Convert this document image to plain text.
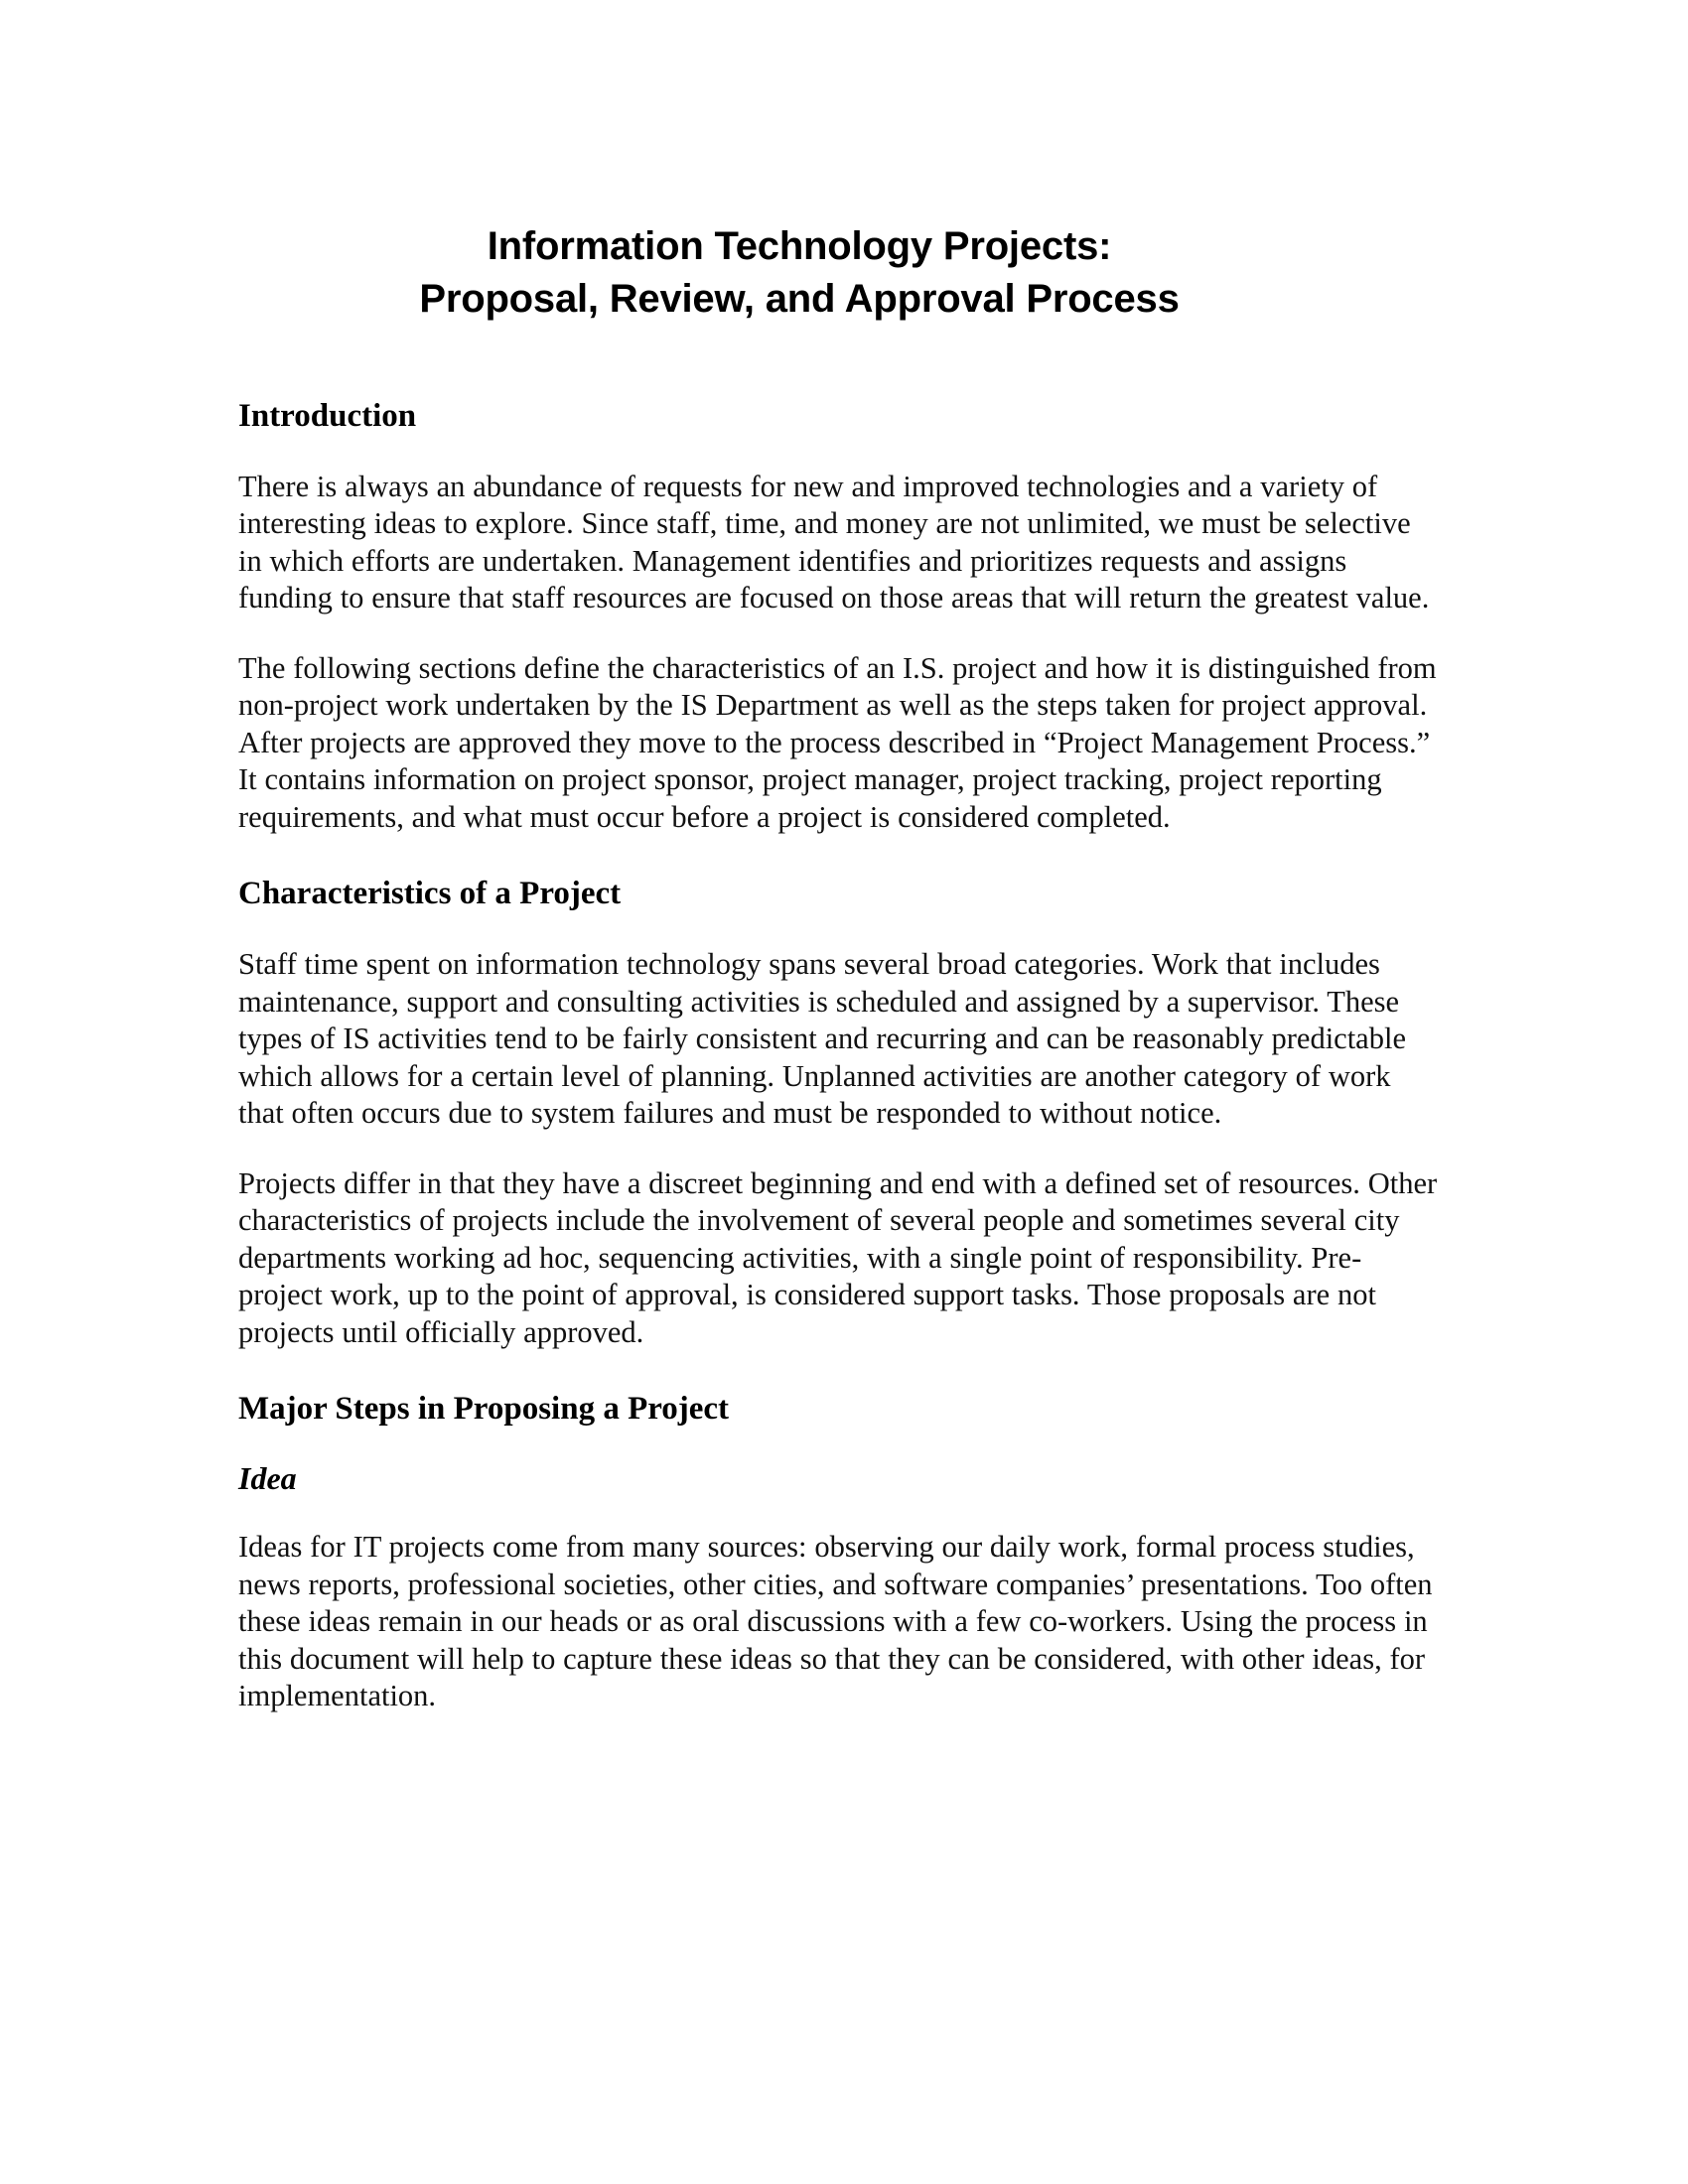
Information Technology Projects:
Proposal, Review, and Approval Process
Introduction

There is always an abundance of requests for new and improved technologies and a variety of interesting ideas to explore. Since staff, time, and money are not unlimited, we must be selective in which efforts are undertaken. Management identifies and prioritizes requests and assigns funding to ensure that staff resources are focused on those areas that will return the greatest value.

The following sections define the characteristics of an I.S. project and how it is distinguished from non-project work undertaken by the IS Department as well as the steps taken for project approval. After projects are approved they move to the process described in “Project Management Process.” It contains information on project sponsor, project manager, project tracking, project reporting requirements, and what must occur before a project is considered completed.

Characteristics of a Project

Staff time spent on information technology spans several broad categories. Work that includes maintenance, support and consulting activities is scheduled and assigned by a supervisor. These types of IS activities tend to be fairly consistent and recurring and can be reasonably predictable which allows for a certain level of planning. Unplanned activities are another category of work that often occurs due to system failures and must be responded to without notice.

Projects differ in that they have a discreet beginning and end with a defined set of resources. Other characteristics of projects include the involvement of several people and sometimes several city departments working ad hoc, sequencing activities, with a single point of responsibility. Pre-project work, up to the point of approval, is considered support tasks. Those proposals are not projects until officially approved.

Major Steps in Proposing a Project
Idea

Ideas for IT projects come from many sources: observing our daily work, formal process studies, news reports, professional societies, other cities, and software companies’ presentations. Too often these ideas remain in our heads or as oral discussions with a few co-workers. Using the process in this document will help to capture these ideas so that they can be considered, with other ideas, for implementation.
